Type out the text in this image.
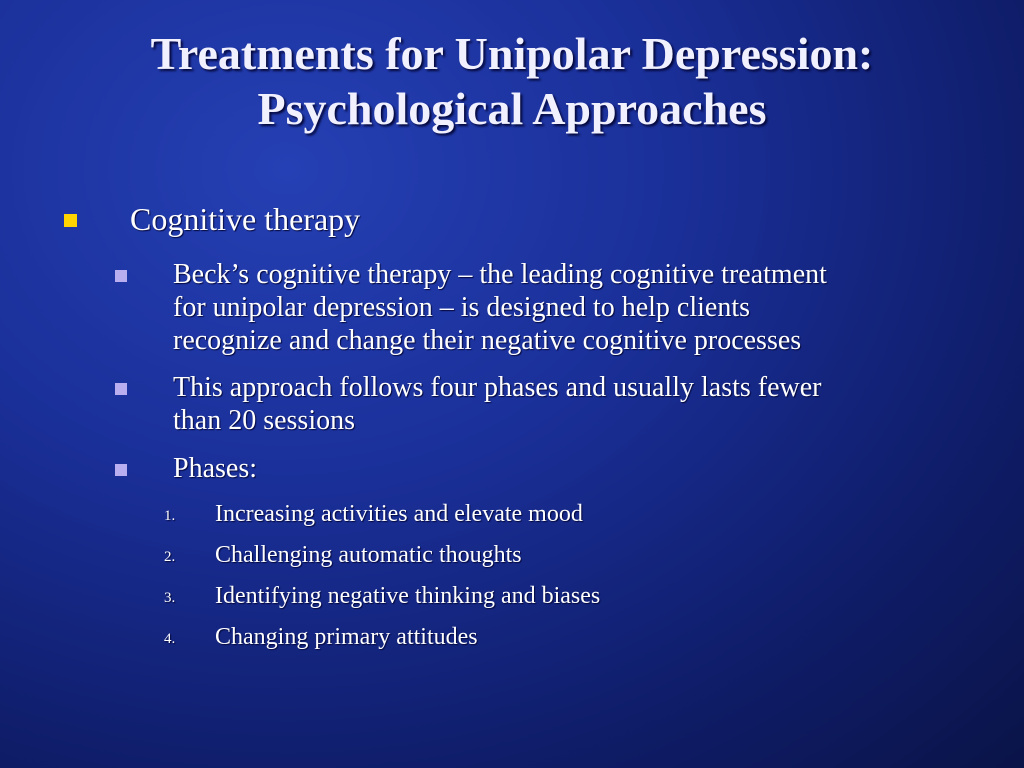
Treatments for Unipolar Depression:
Psychological Approaches
Cognitive therapy
Beck’s cognitive therapy – the leading cognitive treatment
for unipolar depression – is designed to help clients
recognize and change their negative cognitive processes
This approach follows four phases and usually lasts fewer
than 20 sessions
Phases:
1. Increasing activities and elevate mood
2. Challenging automatic thoughts
3. Identifying negative thinking and biases
4. Changing primary attitudes
